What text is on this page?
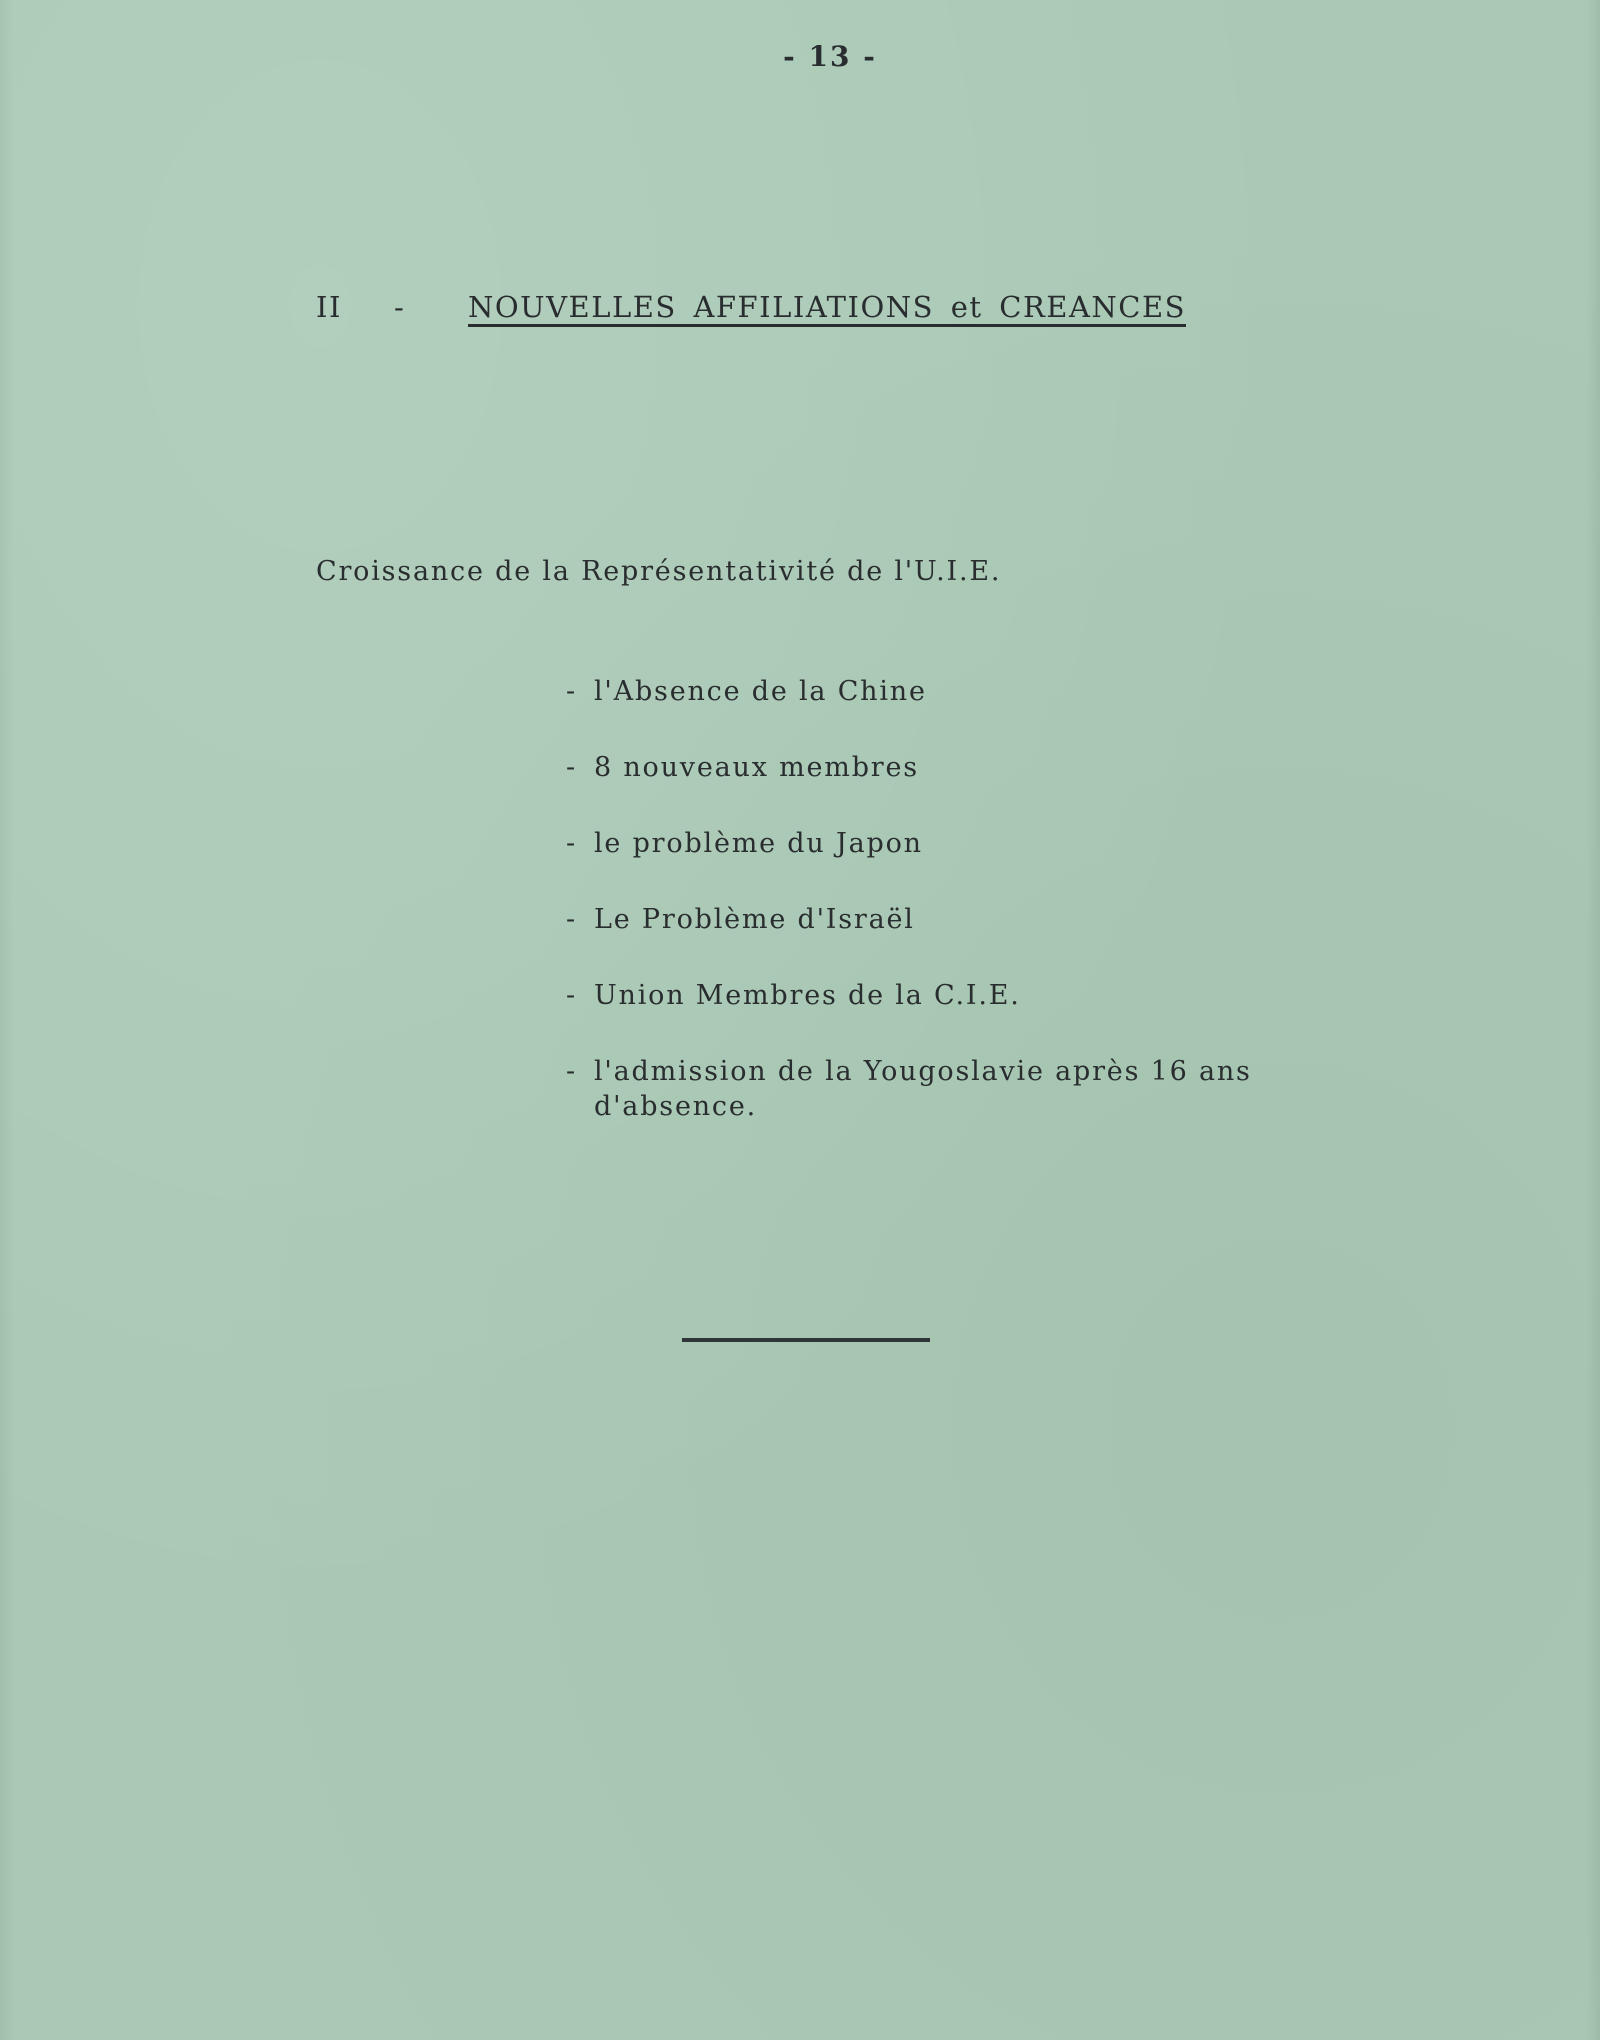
- 13 -
II - NOUVELLES AFFILIATIONS et CREANCES
Croissance de la Représentativité de l'U.I.E.
- l'Absence de la Chine
- 8 nouveaux membres
- le problème du Japon
- Le Problème d'Israël
- Union Membres de la C.I.E.
- l'admission de la Yougoslavie après 16 ans d'absence.
